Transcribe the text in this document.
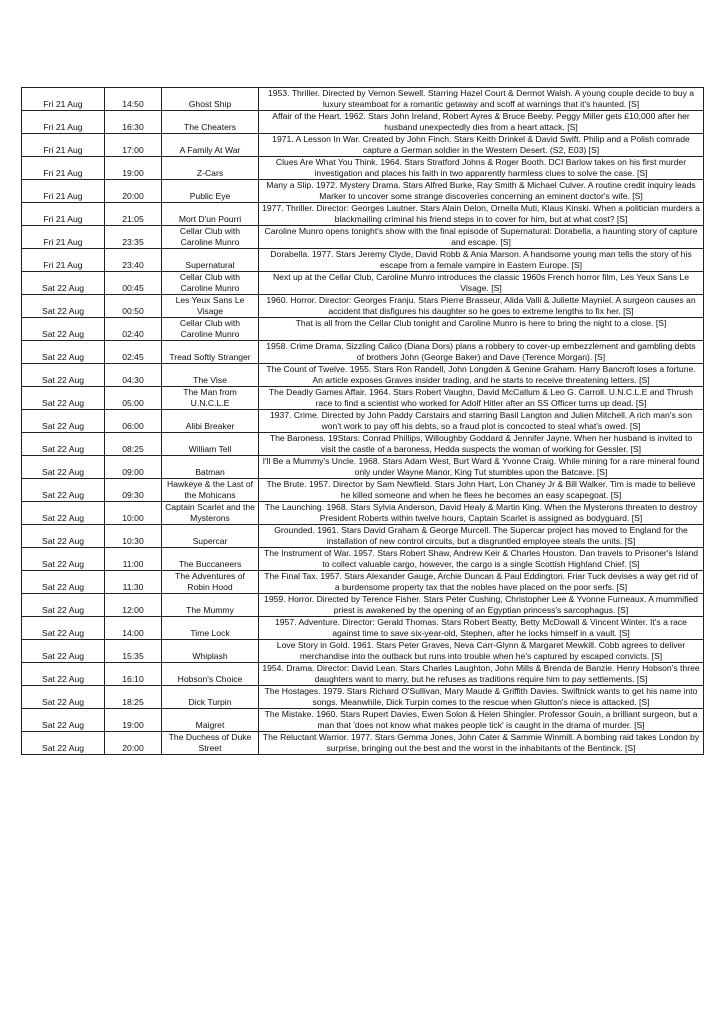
Fri 21 Aug	14:50	Ghost Ship	1953. Thriller. Directed by Vernon Sewell. Starring Hazel Court & Dermot Walsh. A young couple decide to buy a luxury steamboat for a romantic getaway and scoff at warnings that it's haunted. [S]
Fri 21 Aug	16:30	The Cheaters	Affair of the Heart. 1962. Stars John Ireland, Robert Ayres & Bruce Beeby. Peggy Miller gets £10,000 after her husband unexpectedly dies from a heart attack. [S]
Fri 21 Aug	17:00	A Family At War	1971. A Lesson In War. Created by John Finch. Stars Keith Drinkel & David Swift. Philip and a Polish comrade capture a German soldier in the Western Desert. (S2, E03) [S]
Fri 21 Aug	19:00	Z-Cars	Clues Are What You Think. 1964. Stars Stratford Johns & Roger Booth. DCI Barlow takes on his first murder investigation and places his faith in two apparently harmless clues to solve the case. [S]
Fri 21 Aug	20:00	Public Eye	Many a Slip. 1972. Mystery Drama. Stars Alfred Burke, Ray Smith & Michael Culver. A routine credit inquiry leads Marker to uncover some strange discoveries concerning an eminent doctor's wife. [S]
Fri 21 Aug	21:05	Mort D'un Pourri	1977. Thriller. Director: Georges Lautner. Stars Alain Delon, Ornella Muti, Klaus Kinski. When a politician murders a blackmailing criminal his friend steps in to cover for him, but at what cost? [S]
Fri 21 Aug	23:35	Cellar Club with Caroline Munro	Caroline Munro opens tonight's show with the final episode of Supernatural: Dorabella, a haunting story of capture and escape. [S]
Fri 21 Aug	23:40	Supernatural	Dorabella. 1977. Stars Jeremy Clyde, David Robb & Ania Marson. A handsome young man tells the story of his escape from a female vampire in Eastern Europe. [S]
Sat 22 Aug	00:45	Cellar Club with Caroline Munro	Next up at the Cellar Club, Caroline Munro introduces the classic 1960s French horror film, Les Yeux Sans Le Visage. [S]
Sat 22 Aug	00:50	Les Yeux Sans Le Visage	1960. Horror. Director: Georges Franju. Stars Pierre Brasseur, Alida Valli & Juliette Mayniel. A surgeon causes an accident that disfigures his daughter so he goes to extreme lengths to fix her. [S]
Sat 22 Aug	02:40	Cellar Club with Caroline Munro	That is all from the Cellar Club tonight and Caroline Munro is here to bring the night to a close. [S]
Sat 22 Aug	02:45	Tread Softly Stranger	1958. Crime Drama. Sizzling Calico (Diana Dors) plans a robbery to cover-up embezzlement and gambling debts of brothers John (George Baker) and Dave (Terence Morgan). [S]
Sat 22 Aug	04:30	The Vise	The Count of Twelve. 1955. Stars Ron Randell, John Longden & Genine Graham. Harry Bancroft loses a fortune. An article exposes Graves insider trading, and he starts to receive threatening letters. [S]
Sat 22 Aug	05:00	The Man from U.N.C.L.E	The Deadly Games Affair. 1964. Stars Robert Vaughn, David McCallum & Leo G. Carroll. U.N.C.L.E and Thrush race to find a scientist who worked for Adolf Hitler after an SS Officer turns up dead. [S]
Sat 22 Aug	06:00	Alibi Breaker	1937. Crime. Directed by John Paddy Carstairs and starring Basil Langton and Julien Mitchell. A rich man's son won't work to pay off his debts, so a fraud plot is concocted to steal what's owed. [S]
Sat 22 Aug	08:25	William Tell	The Baroness. 19Stars: Conrad Phillips, Willoughby Goddard & Jennifer Jayne. When her husband is invited to visit the castle of a baroness, Hedda suspects the woman of working for Gessler. [S]
Sat 22 Aug	09:00	Batman	I'll Be a Mummy's Uncle. 1968. Stars Adam West, Burt Ward & Yvonne Craig. While mining for a rare mineral found only under Wayne Manor, King Tut stumbles upon the Batcave. [S]
Sat 22 Aug	09:30	Hawkeye & the Last of the Mohicans	The Brute. 1957. Director by Sam Newfield. Stars John Hart, Lon Chaney Jr & Bill Walker. Tim is made to believe he killed someone and when he flees he becomes an easy scapegoat. [S]
Sat 22 Aug	10:00	Captain Scarlet and the Mysterons	The Launching. 1968. Stars Sylvia Anderson, David Healy & Martin King. When the Mysterons threaten to destroy President Roberts within twelve hours, Captain Scarlet is assigned as bodyguard. [S]
Sat 22 Aug	10:30	Supercar	Grounded. 1961. Stars David Graham & George Murcell. The Supercar project has moved to England for the installation of new control circuits, but a disgruntled employee steals the units. [S]
Sat 22 Aug	11:00	The Buccaneers	The Instrument of War. 1957. Stars Robert Shaw, Andrew Keir & Charles Houston. Dan travels to Prisoner's Island to collect valuable cargo, however, the cargo is a single Scottish Highland Chief. [S]
Sat 22 Aug	11:30	The Adventures of Robin Hood	The Final Tax. 1957. Stars Alexander Gauge, Archie Duncan & Paul Eddington. Friar Tuck devises a way get rid of a burdensome property tax that the nobles have placed on the poor serfs. [S]
Sat 22 Aug	12:00	The Mummy	1959. Horror. Directed by Terence Fisher. Stars Peter Cushing, Christopher Lee & Yvonne Furneaux. A mummified priest is awakened by the opening of an Egyptian princess's sarcophagus. [S]
Sat 22 Aug	14:00	Time Lock	1957. Adventure. Director: Gerald Thomas. Stars Robert Beatty, Betty McDowall & Vincent Winter. It's a race against time to save six-year-old, Stephen, after he locks himself in a vault. [S]
Sat 22 Aug	15:35	Whiplash	Love Story in Gold. 1961. Stars Peter Graves, Neva Carr-Glynn & Margaret Mewkill. Cobb agrees to deliver merchandise into the outback but runs into trouble when he's captured by escaped convicts. [S]
Sat 22 Aug	16:10	Hobson's Choice	1954. Drama. Director: David Lean. Stars Charles Laughton, John Mills & Brenda de Banzie. Henry Hobson's three daughters want to marry, but he refuses as traditions require him to pay settlements. [S]
Sat 22 Aug	18:25	Dick Turpin	The Hostages. 1979. Stars Richard O'Sullivan, Mary Maude & Griffith Davies. Swiftnick wants to get his name into songs. Meanwhile, Dick Turpin comes to the rescue when Glutton's niece is attacked. [S]
Sat 22 Aug	19:00	Maigret	The Mistake. 1960. Stars Rupert Davies, Ewen Solon & Helen Shingler. Professor Gouin, a brilliant surgeon, but a man that 'does not know what makes people tick' is caught in the drama of murder. [S]
Sat 22 Aug	20:00	The Duchess of Duke Street	The Reluctant Warrior. 1977. Stars Gemma Jones, John Cater & Sammie Winmill. A bombing raid takes London by surprise, bringing out the best and the worst in the inhabitants of the Bentinck. [S]
